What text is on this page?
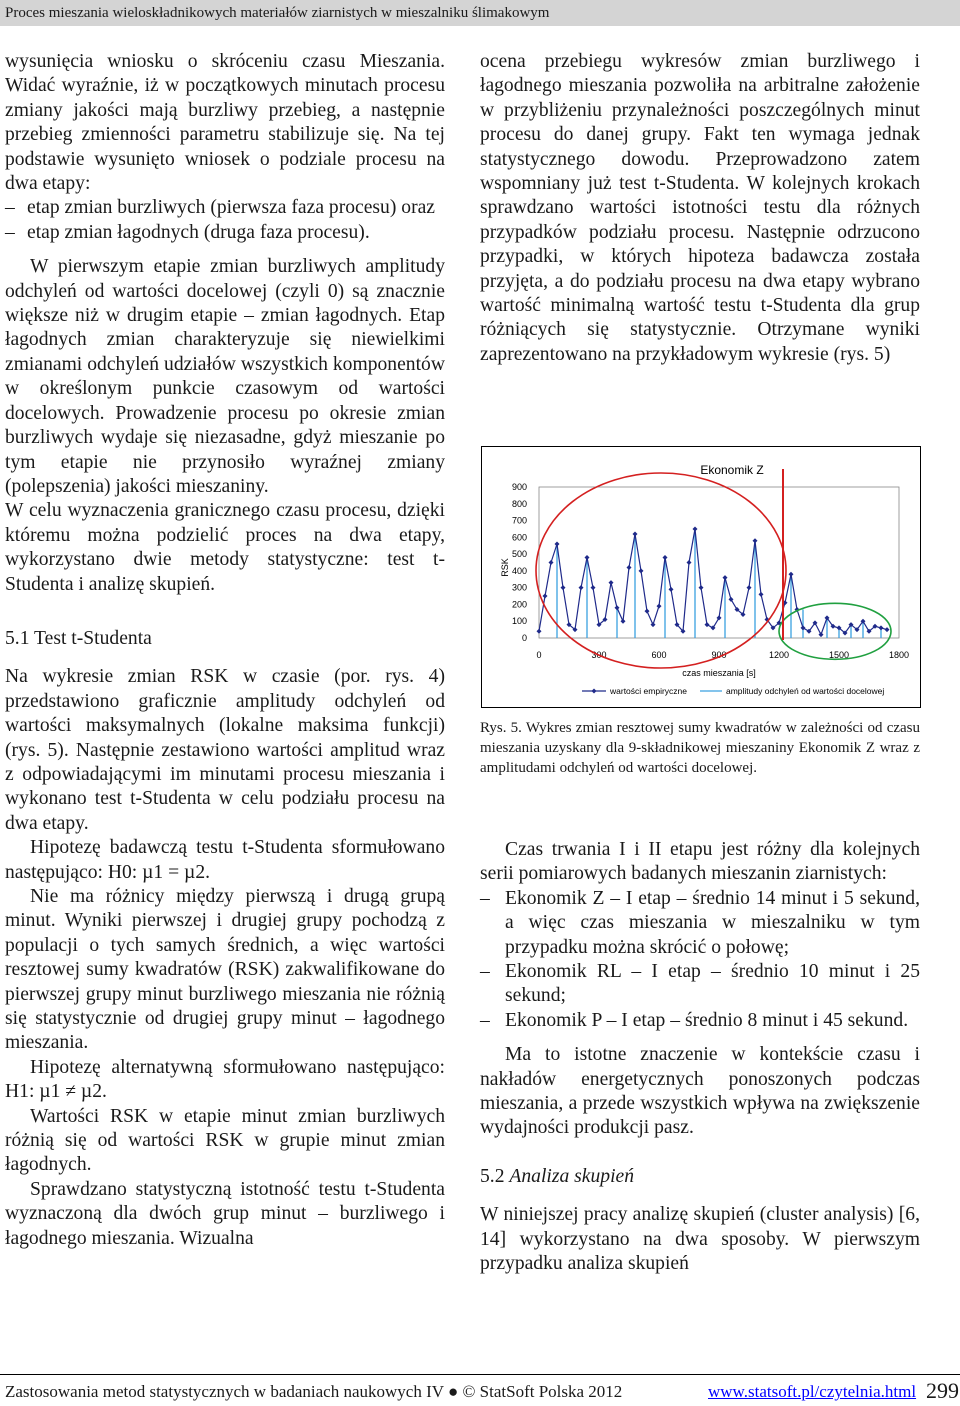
Proces mieszania wieloskładnikowych materiałów ziarnistych w mieszalniku ślimakowym

wysunięcia wniosku o skróceniu czasu Mieszania. Widać wyraźnie, iż w początkowych minutach procesu zmiany jakości mają burzliwy przebieg, a następnie przebieg zmienności parametru stabilizuje się. Na tej podstawie wysunięto wniosek o podziale procesu na dwa etapy:

– etap zmian burzliwych (pierwsza faza procesu) oraz

– etap zmian łagodnych (druga faza procesu).

W pierwszym etapie zmian burzliwych amplitudy odchyleń od wartości docelowej (czyli 0) są znacznie większe niż w drugim etapie – zmian łagodnych. Etap łagodnych zmian charakteryzuje się niewielkimi zmianami odchyleń udziałów wszystkich komponentów w określonym punkcie czasowym od wartości docelowych. Prowadzenie procesu po okresie zmian burzliwych wydaje się niezasadne, gdyż mieszanie po tym etapie nie przynosiło wyraźnej zmiany (polepszenia) jakości mieszaniny.

W celu wyznaczenia granicznego czasu procesu, dzięki któremu można podzielić proces na dwa etapy, wykorzystano dwie metody statystyczne: test t-Studenta i analizę skupień.

5.1 Test t-Studenta

Na wykresie zmian RSK w czasie (por. rys. 4) przedstawiono graficznie amplitudy odchyleń od wartości maksymalnych (lokalne maksima funkcji) (rys. 5). Następnie zestawiono wartości amplitud wraz z odpowiadającymi im minutami procesu mieszania i wykonano test t-Studenta w celu podziału procesu na dwa etapy.

Hipotezę badawczą testu t-Studenta sformułowano następująco: H0: µ1 = µ2.

Nie ma różnicy między pierwszą i drugą grupą minut. Wyniki pierwszej i drugiej grupy pochodzą z populacji o tych samych średnich, a więc wartości resztowej sumy kwadratów (RSK) zakwalifikowane do pierwszej grupy minut burzliwego mieszania nie różnią się statystycznie od drugiej grupy minut – łagodnego mieszania.

Hipotezę alternatywną sformułowano następująco: H1: µ1 ≠ µ2.

Wartości RSK w etapie minut zmian burzliwych różnią się od wartości RSK w grupie minut zmian łagodnych.

Sprawdzano statystyczną istotność testu t-Studenta wyznaczoną dla dwóch grup minut – burzliwego i łagodnego mieszania. Wizualna

ocena przebiegu wykresów zmian burzliwego i łagodnego mieszania pozwoliła na arbitralne założenie w przybliżeniu przynależności poszczególnych minut procesu do danej grupy. Fakt ten wymaga jednak statystycznego dowodu. Przeprowadzono zatem wspomniany już test t-Studenta. W kolejnych krokach sprawdzano wartości istotności testu dla różnych przypadków podziału procesu. Następnie odrzucono przypadki, w których hipoteza badawcza została przyjęta, a do podziału procesu na dwa etapy wybrano wartość minimalną wartość testu t-Studenta dla grup różniących się statystycznie. Otrzymane wyniki zaprezentowano na przykładowym wykresie (rys. 5)

Ekonomik Z
0
100
200
300
400
500
600
700
800
900
0	300	600	900	1200	1500	1800
RSK
czas mieszania [s]
wartości empiryczne	amplitudy odchyleń od wartości docelowej
Rys. 5. Wykres zmian resztowej sumy kwadratów w zależności od czasu mieszania uzyskany dla 9-składnikowej mieszaniny Ekonomik Z wraz z amplitudami odchyleń od wartości docelowej.

Czas trwania I i II etapu jest różny dla kolejnych serii pomiarowych badanych mieszanin ziarnistych:

– Ekonomik Z – I etap – średnio 14 minut i 5 sekund, a więc czas mieszania w mieszalniku w tym przypadku można skrócić o połowę;

– Ekonomik RL – I etap – średnio 10 minut i 25 sekund;

– Ekonomik P – I etap – średnio 8 minut i 45 sekund.

Ma to istotne znaczenie w kontekście czasu i nakładów energetycznych ponoszonych podczas mieszania, a przede wszystkich wpływa na zwiększenie wydajności produkcji pasz.

5.2 Analiza skupień

W niniejszej pracy analizę skupień (cluster analysis) [6, 14] wykorzystano na dwa sposoby. W pierwszym przypadku analiza skupień

Zastosowania metod statystycznych w badaniach naukowych IV ● © StatSoft Polska 2012	www.statsoft.pl/czytelnia.html 299
